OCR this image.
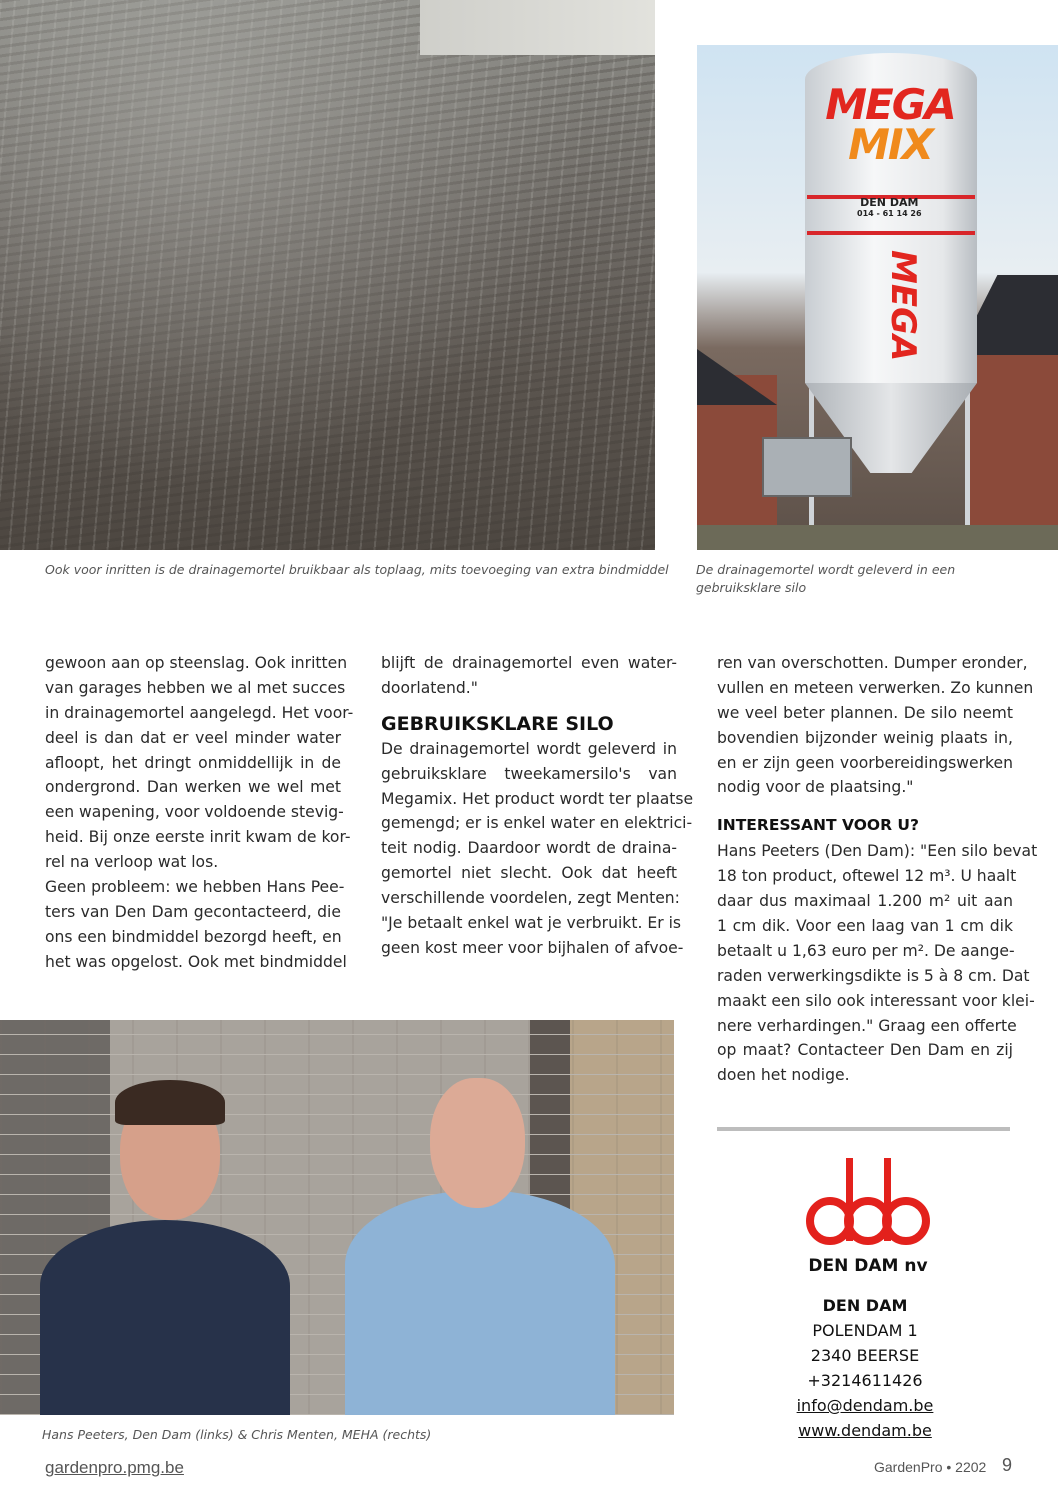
MEGA
MIX
DEN DAM
014 - 61 14 26
MEGA
Ook voor inritten is de drainagemortel bruikbaar als toplaag, mits toevoeging van extra bindmiddel De drainagemortel wordt geleverd in een
gebruiksklare silo
gewoon aan op steenslag. Ook inritten
van garages hebben we al met succes
in drainagemortel aangelegd. Het voor-
deel is dan dat er veel minder water
afloopt, het dringt onmiddellijk in de
ondergrond. Dan werken we wel met
een wapening, voor voldoende stevig-
heid. Bij onze eerste inrit kwam de kor-
rel na verloop wat los.
Geen probleem: we hebben Hans Pee-
ters van Den Dam gecontacteerd, die
ons een bindmiddel bezorgd heeft, en
het was opgelost. Ook met bindmiddel
blijft de drainagemortel even water-
doorlatend."
GEBRUIKSKLARE SILO
De drainagemortel wordt geleverd in
gebruiksklare tweekamersilo's van
Megamix. Het product wordt ter plaatse
gemengd; er is enkel water en elektrici-
teit nodig. Daardoor wordt de draina-
gemortel niet slecht. Ook dat heeft
verschillende voordelen, zegt Menten:
"Je betaalt enkel wat je verbruikt. Er is
geen kost meer voor bijhalen of afvoe-
ren van overschotten. Dumper eronder,
vullen en meteen verwerken. Zo kunnen
we veel beter plannen. De silo neemt
bovendien bijzonder weinig plaats in,
en er zijn geen voorbereidingswerken
nodig voor de plaatsing."
INTERESSANT VOOR U?
Hans Peeters (Den Dam): "Een silo bevat
18 ton product, oftewel 12 m³. U haalt
daar dus maximaal 1.200 m² uit aan
1 cm dik. Voor een laag van 1 cm dik
betaalt u 1,63 euro per m². De aange-
raden verwerkingsdikte is 5 à 8 cm. Dat
maakt een silo ook interessant voor klei-
nere verhardingen." Graag een offerte
op maat? Contacteer Den Dam en zij
doen het nodige.
Hans Peeters, Den Dam (links) & Chris Menten, MEHA (rechts)
DEN DAM nv
DEN DAM
POLENDAM 1
2340 BEERSE
+3214611426
info@dendam.be
www.dendam.be
gardenpro.pmg.be	GardenPro • 2202 9
